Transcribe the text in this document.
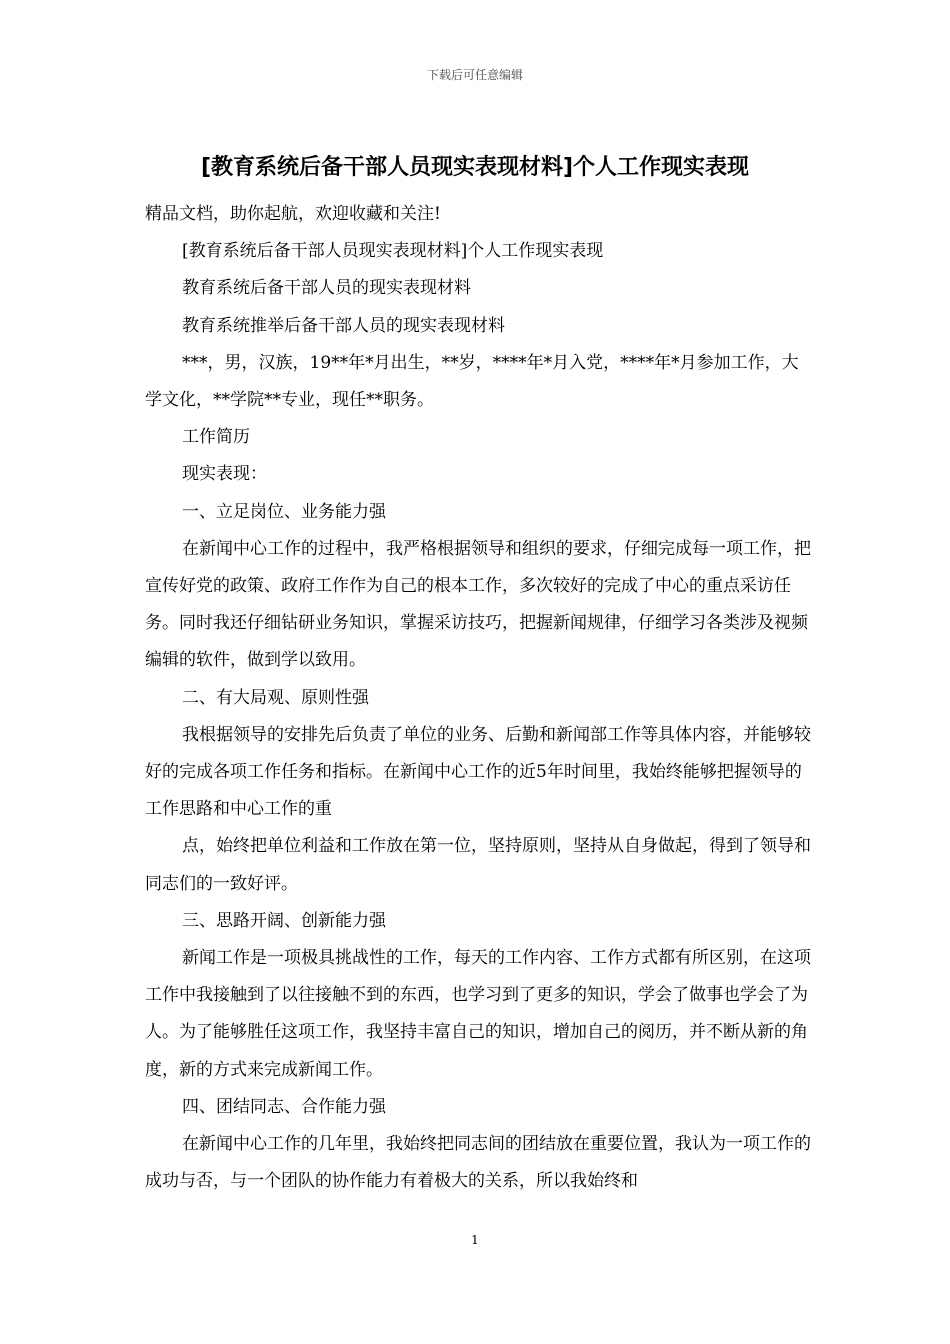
下载后可任意编辑
[教育系统后备干部人员现实表现材料]个人工作现实表现

精品文档，助你起航，欢迎收藏和关注!

[教育系统后备干部人员现实表现材料]个人工作现实表现

教育系统后备干部人员的现实表现材料

教育系统推举后备干部人员的现实表现材料

***，男，汉族，19**年*月出生，**岁，****年*月入党，****年*月参加工作，大学文化，**学院**专业，现任**职务。

工作简历

现实表现：

一、立足岗位、业务能力强

在新闻中心工作的过程中，我严格根据领导和组织的要求，仔细完成每一项工作，把宣传好党的政策、政府工作作为自己的根本工作，多次较好的完成了中心的重点采访任务。同时我还仔细钻研业务知识，掌握采访技巧，把握新闻规律，仔细学习各类涉及视频编辑的软件，做到学以致用。

二、有大局观、原则性强

我根据领导的安排先后负责了单位的业务、后勤和新闻部工作等具体内容，并能够较好的完成各项工作任务和指标。在新闻中心工作的近5年时间里，我始终能够把握领导的工作思路和中心工作的重

点，始终把单位利益和工作放在第一位，坚持原则，坚持从自身做起，得到了领导和同志们的一致好评。

三、思路开阔、创新能力强

新闻工作是一项极具挑战性的工作，每天的工作内容、工作方式都有所区别，在这项工作中我接触到了以往接触不到的东西，也学习到了更多的知识，学会了做事也学会了为人。为了能够胜任这项工作，我坚持丰富自己的知识，增加自己的阅历，并不断从新的角度，新的方式来完成新闻工作。

四、团结同志、合作能力强

在新闻中心工作的几年里，我始终把同志间的团结放在重要位置，我认为一项工作的成功与否，与一个团队的协作能力有着极大的关系，所以我始终和

1
